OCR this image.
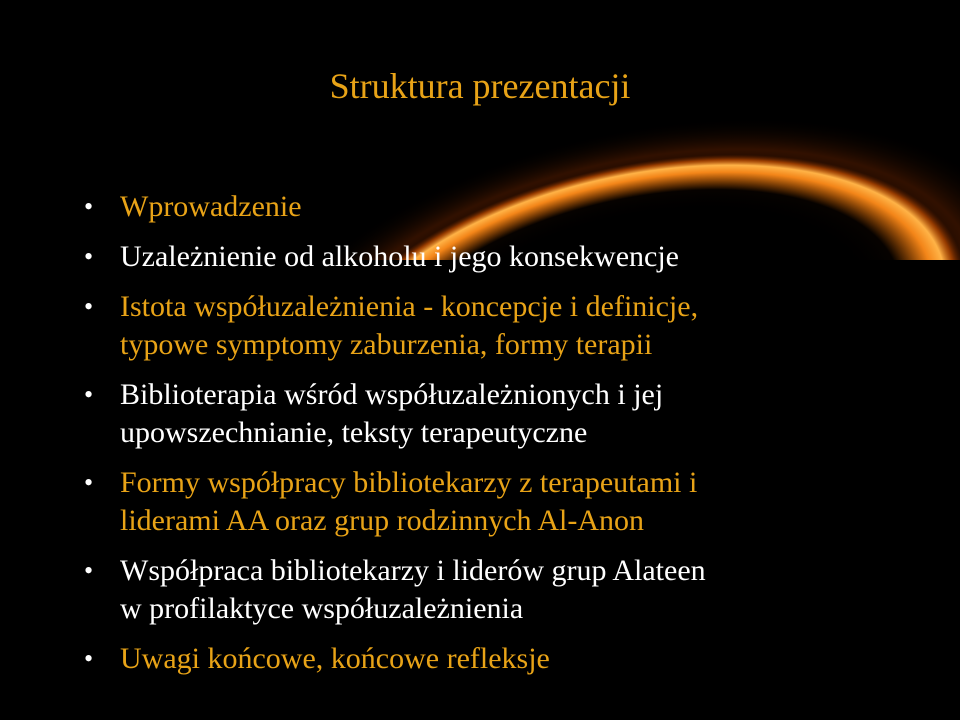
Struktura prezentacji
• Wprowadzenie
• Uzależnienie od alkoholu i jego konsekwencje
• Istota współuzależnienia - koncepcje i definicje,
typowe symptomy zaburzenia, formy terapii
• Biblioterapia wśród współuzależnionych i jej
upowszechnianie, teksty terapeutyczne
• Formy współpracy bibliotekarzy z terapeutami i
liderami AA oraz grup rodzinnych Al-Anon
• Współpraca bibliotekarzy i liderów grup Alateen
w profilaktyce współuzależnienia
• Uwagi końcowe, końcowe refleksje
